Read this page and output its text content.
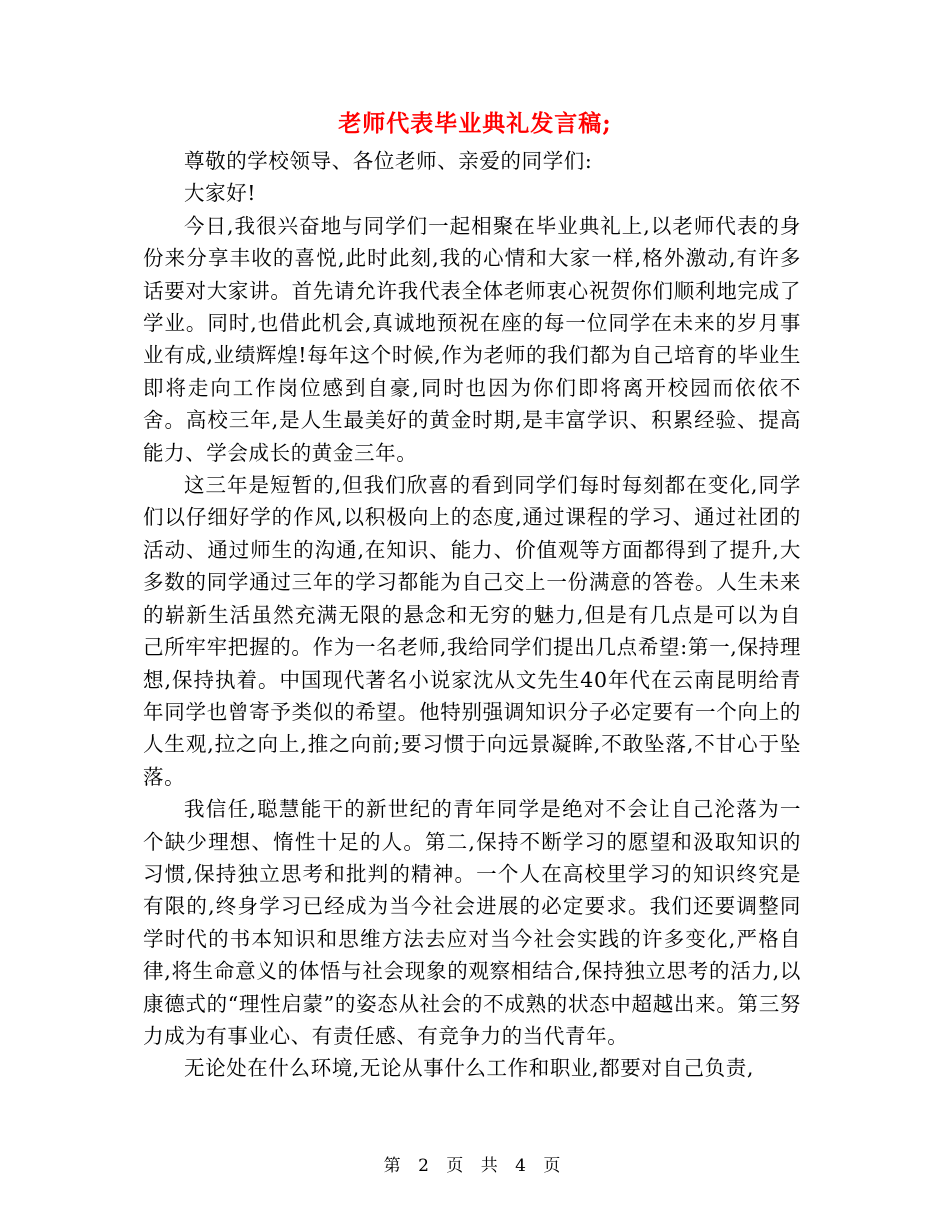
老师代表毕业典礼发言稿;

尊敬的学校领导、各位老师、亲爱的同学们:

大家好!

今日,我很兴奋地与同学们一起相聚在毕业典礼上,以老师代表的身份来分享丰收的喜悦,此时此刻,我的心情和大家一样,格外激动,有许多话要对大家讲。首先请允许我代表全体老师衷心祝贺你们顺利地完成了学业。同时,也借此机会,真诚地预祝在座的每一位同学在未来的岁月事业有成,业绩辉煌!每年这个时候,作为老师的我们都为自己培育的毕业生即将走向工作岗位感到自豪,同时也因为你们即将离开校园而依依不舍。高校三年,是人生最美好的黄金时期,是丰富学识、积累经验、提高能力、学会成长的黄金三年。

这三年是短暂的,但我们欣喜的看到同学们每时每刻都在变化,同学们以仔细好学的作风,以积极向上的态度,通过课程的学习、通过社团的活动、通过师生的沟通,在知识、能力、价值观等方面都得到了提升,大多数的同学通过三年的学习都能为自己交上一份满意的答卷。人生未来的崭新生活虽然充满无限的悬念和无穷的魅力,但是有几点是可以为自己所牢牢把握的。作为一名老师,我给同学们提出几点希望:第一,保持理想,保持执着。中国现代著名小说家沈从文先生40年代在云南昆明给青年同学也曾寄予类似的希望。他特别强调知识分子必定要有一个向上的人生观,拉之向上,推之向前;要习惯于向远景凝眸,不敢坠落,不甘心于坠落。

我信任,聪慧能干的新世纪的青年同学是绝对不会让自己沦落为一个缺少理想、惰性十足的人。第二,保持不断学习的愿望和汲取知识的习惯,保持独立思考和批判的精神。一个人在高校里学习的知识终究是有限的,终身学习已经成为当今社会进展的必定要求。我们还要调整同学时代的书本知识和思维方法去应对当今社会实践的许多变化,严格自律,将生命意义的体悟与社会现象的观察相结合,保持独立思考的活力,以康德式的“理性启蒙”的姿态从社会的不成熟的状态中超越出来。第三努力成为有事业心、有责任感、有竞争力的当代青年。

无论处在什么环境,无论从事什么工作和职业,都要对自己负责,

第 2 页 共 4 页
